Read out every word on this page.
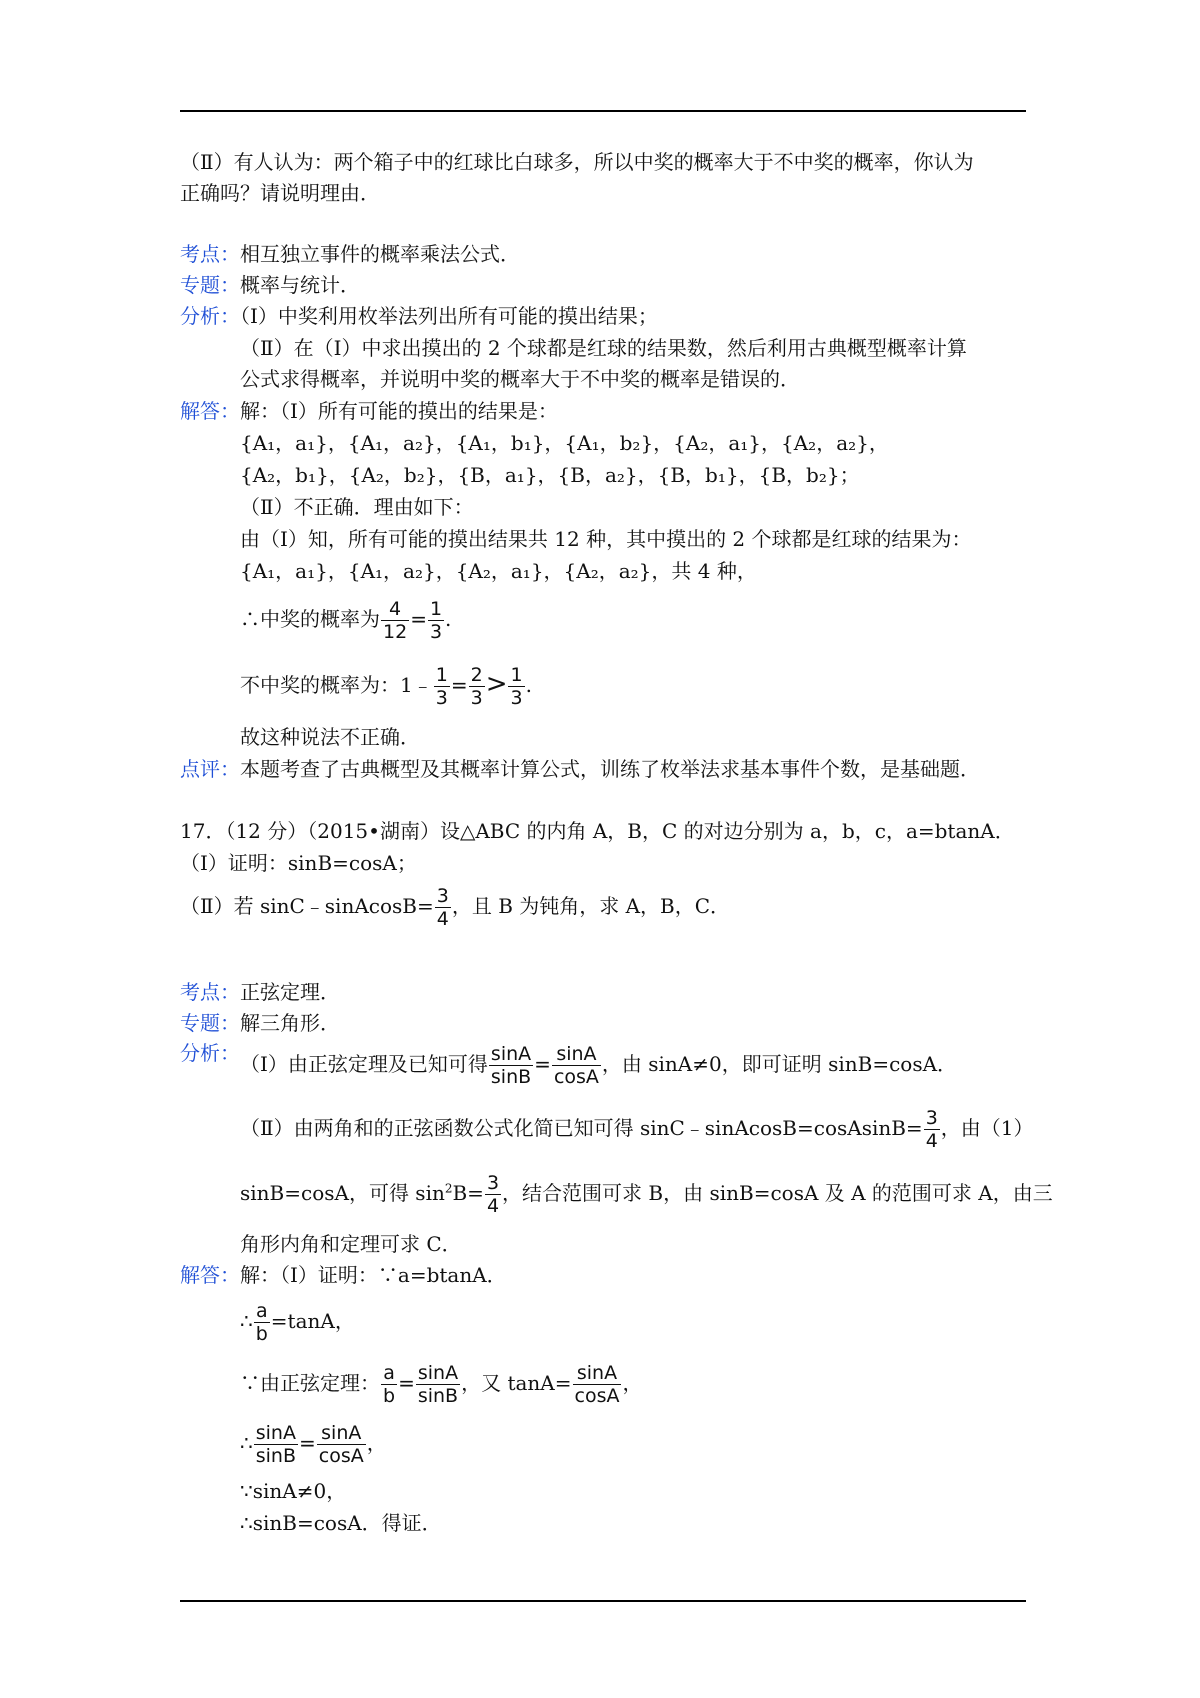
（Ⅱ）有人认为：两个箱子中的红球比白球多，所以中奖的概率大于不中奖的概率，你认为
正确吗？请说明理由．
考点：相互独立事件的概率乘法公式．
专题：概率与统计．
分析：（Ⅰ）中奖利用枚举法列出所有可能的摸出结果；
（Ⅱ）在（Ⅰ）中求出摸出的 2 个球都是红球的结果数，然后利用古典概型概率计算
公式求得概率，并说明中奖的概率大于不中奖的概率是错误的．
解答：解：（Ⅰ）所有可能的摸出的结果是：
{A₁，a₁}，{A₁，a₂}，{A₁，b₁}，{A₁，b₂}，{A₂，a₁}，{A₂，a₂}，
{A₂，b₁}，{A₂，b₂}，{B，a₁}，{B，a₂}，{B，b₁}，{B，b₂}；
（Ⅱ）不正确．理由如下：
由（Ⅰ）知，所有可能的摸出结果共 12 种，其中摸出的 2 个球都是红球的结果为：
{A₁，a₁}，{A₁，a₂}，{A₂，a₁}，{A₂，a₂}，共 4 种，
∴中奖的概率为 $\frac{4}{12} = \frac{1}{3}$ .
不中奖的概率为：1﹣ $\frac{1}{3} = \frac{2}{3} > \frac{1}{3}$ .
故这种说法不正确．
点评：本题考查了古典概型及其概率计算公式，训练了枚举法求基本事件个数，是基础题．
17．（12 分）（2015•湖南）设△ABC 的内角 A，B，C 的对边分别为 a，b，c，a=btanA．
（Ⅰ）证明：sinB=cosA；
（Ⅱ）若 sinC﹣sinAcosB= $\frac{3}{4}$ ，且 B 为钝角，求 A，B，C．
考点：正弦定理．
专题：解三角形．
分析： （Ⅰ）由正弦定理及已知可得 $\frac{\sin A}{\sin B} = \frac{\sin A}{\cos A}$ ，由 sinA≠0，即可证明 sinB=cosA．
（Ⅱ）由两角和的正弦函数公式化简已知可得 sinC﹣sinAcosB=cosAsinB= $\frac{3}{4}$ ，由（1）
sinB=cosA，可得 $\sin^2B= \frac{3}{4}$ ，结合范围可求 B，由 sinB=cosA 及 A 的范围可求 A，由三
角形内角和定理可求 C．
解答：解：（Ⅰ）证明：∵a=btanA．
∴ $\frac{a}{b} =\tan A$，
∵由正弦定理： $\frac{a}{b} = \frac{\sin A}{\sin B}$ ，又 $\tan A= \frac{\sin A}{\cos A}$ ，
∴ $\frac{\sin A}{\sin B} = \frac{\sin A}{\cos A}$ ，
∵sinA≠0，
∴sinB=cosA．得证．
